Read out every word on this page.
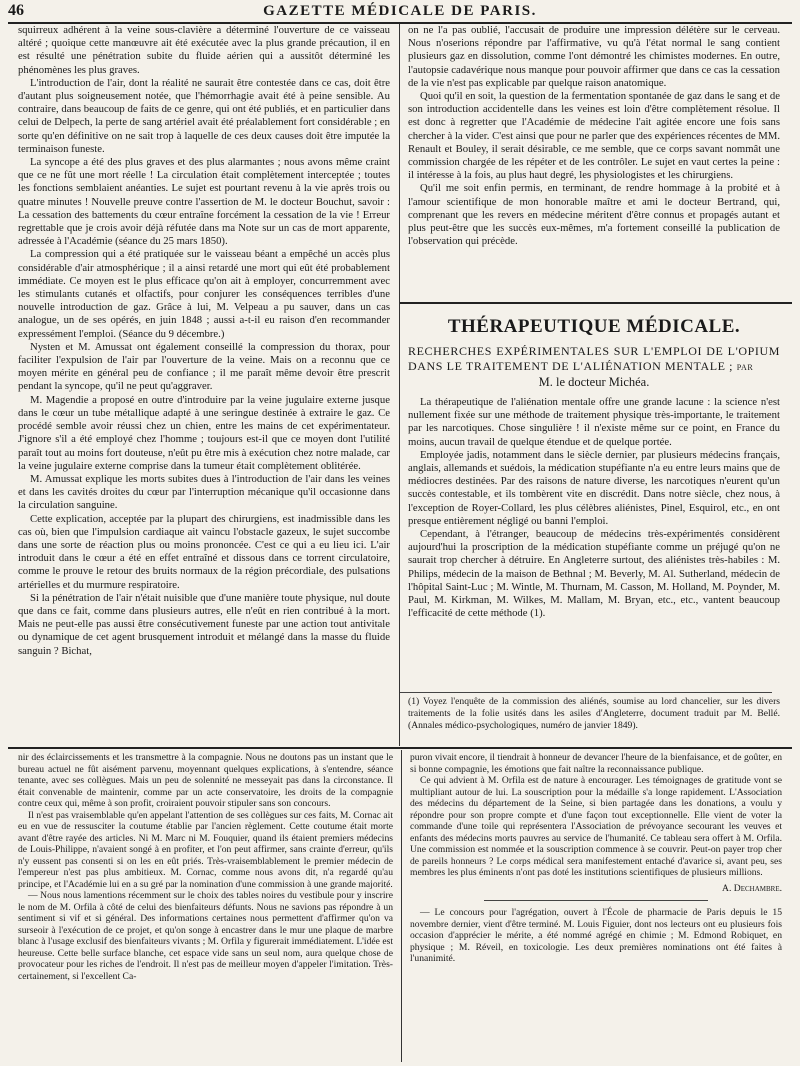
46	GAZETTE MÉDICALE DE PARIS.

squirreux adhérent à la veine sous-clavière a déterminé l'ouverture de ce vaisseau altéré ; quoique cette manœuvre ait été exécutée avec la plus grande précaution, il en est résulté une pénétration subite du fluide aérien qui a aussitôt déterminé les phénomènes les plus graves.

L'introduction de l'air, dont la réalité ne saurait être contestée dans ce cas, doit être d'autant plus soigneusement notée, que l'hémorrhagie avait été à peine sensible. Au contraire, dans beaucoup de faits de ce genre, qui ont été publiés, et en particulier dans celui de Delpech, la perte de sang artériel avait été préalablement fort considérable ; en sorte qu'en définitive on ne sait trop à laquelle de ces deux causes doit être imputée la terminaison funeste.

La syncope a été des plus graves et des plus alarmantes ; nous avons même craint que ce ne fût une mort réelle ! La circulation était complètement interceptée ; toutes les fonctions semblaient anéanties. Le sujet est pourtant revenu à la vie après trois ou quatre minutes ! Nouvelle preuve contre l'assertion de M. le docteur Bouchut, savoir : La cessation des battements du cœur entraîne forcément la cessation de la vie ! Erreur regrettable que je crois avoir déjà réfutée dans ma Note sur un cas de mort apparente, adressée à l'Académie (séance du 25 mars 1850).

La compression qui a été pratiquée sur le vaisseau béant a empêché un accès plus considérable d'air atmosphérique ; il a ainsi retardé une mort qui eût été probablement immédiate. Ce moyen est le plus efficace qu'on ait à employer, concurremment avec les stimulants cutanés et olfactifs, pour conjurer les conséquences terribles d'une nouvelle introduction de gaz. Grâce à lui, M. Velpeau a pu sauver, dans un cas analogue, un de ses opérés, en juin 1848 ; aussi a-t-il eu raison d'en recommander expressément l'emploi. (Séance du 9 décembre.)

Nysten et M. Amussat ont également conseillé la compression du thorax, pour faciliter l'expulsion de l'air par l'ouverture de la veine. Mais on a reconnu que ce moyen mérite en général peu de confiance ; il me paraît même devoir être prescrit pendant la syncope, qu'il ne peut qu'aggraver.

M. Magendie a proposé en outre d'introduire par la veine jugulaire externe jusque dans le cœur un tube métallique adapté à une seringue destinée à extraire le gaz. Ce procédé semble avoir réussi chez un chien, entre les mains de cet expérimentateur. J'ignore s'il a été employé chez l'homme ; toujours est-il que ce moyen dont l'utilité paraît tout au moins fort douteuse, n'eût pu être mis à exécution chez notre malade, car la veine jugulaire externe comprise dans la tumeur était complètement oblitérée.

M. Amussat explique les morts subites dues à l'introduction de l'air dans les veines et dans les cavités droites du cœur par l'interruption mécanique qu'il occasionne dans la circulation sanguine.

Cette explication, acceptée par la plupart des chirurgiens, est inadmissible dans les cas où, bien que l'impulsion cardiaque ait vaincu l'obstacle gazeux, le sujet succombe dans une sorte de réaction plus ou moins prononcée. C'est ce qui a eu lieu ici. L'air introduit dans le cœur a été en effet entraîné et dissous dans ce torrent circulatoire, comme le prouve le retour des bruits normaux de la région précordiale, des pulsations artérielles et du murmure respiratoire.

Si la pénétration de l'air n'était nuisible que d'une manière toute physique, nul doute que dans ce fait, comme dans plusieurs autres, elle n'eût en rien contribué à la mort. Mais ne peut-elle pas aussi être consécutivement funeste par une action tout antivitale ou dynamique de cet agent brusquement introduit et mélangé dans la masse du fluide sanguin ? Bichat,

on ne l'a pas oublié, l'accusait de produire une impression délétère sur le cerveau. Nous n'oserions répondre par l'affirmative, vu qu'à l'état normal le sang contient plusieurs gaz en dissolution, comme l'ont démontré les chimistes modernes. En outre, l'autopsie cadavérique nous manque pour pouvoir affirmer que dans ce cas la cessation de la vie n'est pas explicable par quelque raison anatomique.

Quoi qu'il en soit, la question de la fermentation spontanée de gaz dans le sang et de son introduction accidentelle dans les veines est loin d'être complètement résolue. Il est donc à regretter que l'Académie de médecine l'ait agitée encore une fois sans chercher à la vider. C'est ainsi que pour ne parler que des expériences récentes de MM. Renault et Bouley, il serait désirable, ce me semble, que ce corps savant nommât une commission chargée de les répéter et de les contrôler. Le sujet en vaut certes la peine : il intéresse à la fois, au plus haut degré, les physiologistes et les chirurgiens.

Qu'il me soit enfin permis, en terminant, de rendre hommage à la probité et à l'amour scientifique de mon honorable maître et ami le docteur Bertrand, qui, comprenant que les revers en médecine méritent d'être connus et propagés autant et plus peut-être que les succès eux-mêmes, m'a fortement conseillé la publication de l'observation qui précède.

THÉRAPEUTIQUE MÉDICALE.
RECHERCHES EXPÉRIMENTALES SUR L'EMPLOI DE L'OPIUM DANS LE TRAITEMENT DE L'ALIÉNATION MENTALE ; par
M. le docteur Michéa.

La thérapeutique de l'aliénation mentale offre une grande lacune : la science n'est nullement fixée sur une méthode de traitement physique très-importante, le traitement par les narcotiques. Chose singulière ! il n'existe même sur ce point, en France du moins, aucun travail de quelque étendue et de quelque portée.

Employée jadis, notamment dans le siècle dernier, par plusieurs médecins français, anglais, allemands et suédois, la médication stupéfiante n'a eu entre leurs mains que de médiocres destinées. Par des raisons de nature diverse, les narcotiques n'eurent qu'un succès contestable, et ils tombèrent vite en discrédit. Dans notre siècle, chez nous, à l'exception de Royer-Collard, les plus célèbres aliénistes, Pinel, Esquirol, etc., en ont presque entièrement négligé ou banni l'emploi.

Cependant, à l'étranger, beaucoup de médecins très-expérimentés considèrent aujourd'hui la proscription de la médication stupéfiante comme un préjugé qu'on ne saurait trop chercher à détruire. En Angleterre surtout, des aliénistes très-habiles : M. Philips, médecin de la maison de Bethnal ; M. Beverly, M. Al. Sutherland, médecin de l'hôpital Saint-Luc ; M. Wintle, M. Thurnam, M. Casson, M. Holland, M. Poynder, M. Paul, M. Kirkman, M. Wilkes, M. Mallam, M. Bryan, etc., etc., vantent beaucoup l'efficacité de cette méthode (1).

(1) Voyez l'enquête de la commission des aliénés, soumise au lord chancelier, sur les divers traitements de la folie usités dans les asiles d'Angleterre, document traduit par M. Bellé. (Annales médico-psychologiques, numéro de janvier 1849).

nir des éclaircissements et les transmettre à la compagnie. Nous ne doutons pas un instant que le bureau actuel ne fût aisément parvenu, moyennant quelques explications, à s'entendre, séance tenante, avec ses collègues. Mais un peu de solennité ne messeyait pas dans la circonstance. Il était convenable de maintenir, comme par un acte conservatoire, les droits de la compagnie contre ceux qui, même à son profit, croiraient pouvoir stipuler sans son concours.

Il n'est pas vraisemblable qu'en appelant l'attention de ses collègues sur ces faits, M. Cornac ait eu en vue de ressusciter la coutume établie par l'ancien règlement. Cette coutume était morte avant d'être rayée des articles. Ni M. Marc ni M. Fouquier, quand ils étaient premiers médecins de Louis-Philippe, n'avaient songé à en profiter, et l'on peut affirmer, sans crainte d'erreur, qu'ils n'y eussent pas consenti si on les en eût priés. Très-vraisemblablement le premier médecin de l'empereur n'est pas plus ambitieux. M. Cornac, comme nous avons dit, n'a regardé qu'au principe, et l'Académie lui en a su gré par la nomination d'une commission à une grande majorité.

— Nous nous lamentions récemment sur le choix des tables noires du vestibule pour y inscrire le nom de M. Orfila à côté de celui des bienfaiteurs défunts. Nous ne savions pas répondre à un sentiment si vif et si général. Des informations certaines nous permettent d'affirmer qu'on va surseoir à l'exécution de ce projet, et qu'on songe à encastrer dans le mur une plaque de marbre blanc à l'usage exclusif des bienfaiteurs vivants ; M. Orfila y figurerait immédiatement. L'idée est heureuse. Cette belle surface blanche, cet espace vide sans un seul nom, aura quelque chose de provocateur pour les riches de l'endroit. Il n'est pas de meilleur moyen d'appeler l'imitation. Très-certainement, si l'excellent Ca-

puron vivait encore, il tiendrait à honneur de devancer l'heure de la bienfaisance, et de goûter, en si bonne compagnie, les émotions que fait naître la reconnaissance publique.

Ce qui advient à M. Orfila est de nature à encourager. Les témoignages de gratitude vont se multipliant autour de lui. La souscription pour la médaille s'a longe rapidement. L'Association des médecins du département de la Seine, si bien partagée dans les donations, a voulu y répondre pour son propre compte et d'une façon tout exceptionnelle. Elle vient de voter la commande d'une toile qui représentera l'Association de prévoyance secourant les veuves et enfants des médecins morts pauvres au service de l'humanité. Ce tableau sera offert à M. Orfila. Une commission est nommée et la souscription commence à se couvrir. Peut-on payer trop cher de pareils honneurs ? Le corps médical sera manifestement entaché d'avarice si, avant peu, ses membres les plus éminents n'ont pas doté les institutions scientifiques de plusieurs millions.

A. Dechambre.

— Le concours pour l'agrégation, ouvert à l'École de pharmacie de Paris depuis le 15 novembre dernier, vient d'être terminé. M. Louis Figuier, dont nos lecteurs ont eu plusieurs fois occasion d'apprécier le mérite, a été nommé agrégé en chimie ; M. Edmond Robiquet, en physique ; M. Réveil, en toxicologie. Les deux premières nominations ont été faites à l'unanimité.
